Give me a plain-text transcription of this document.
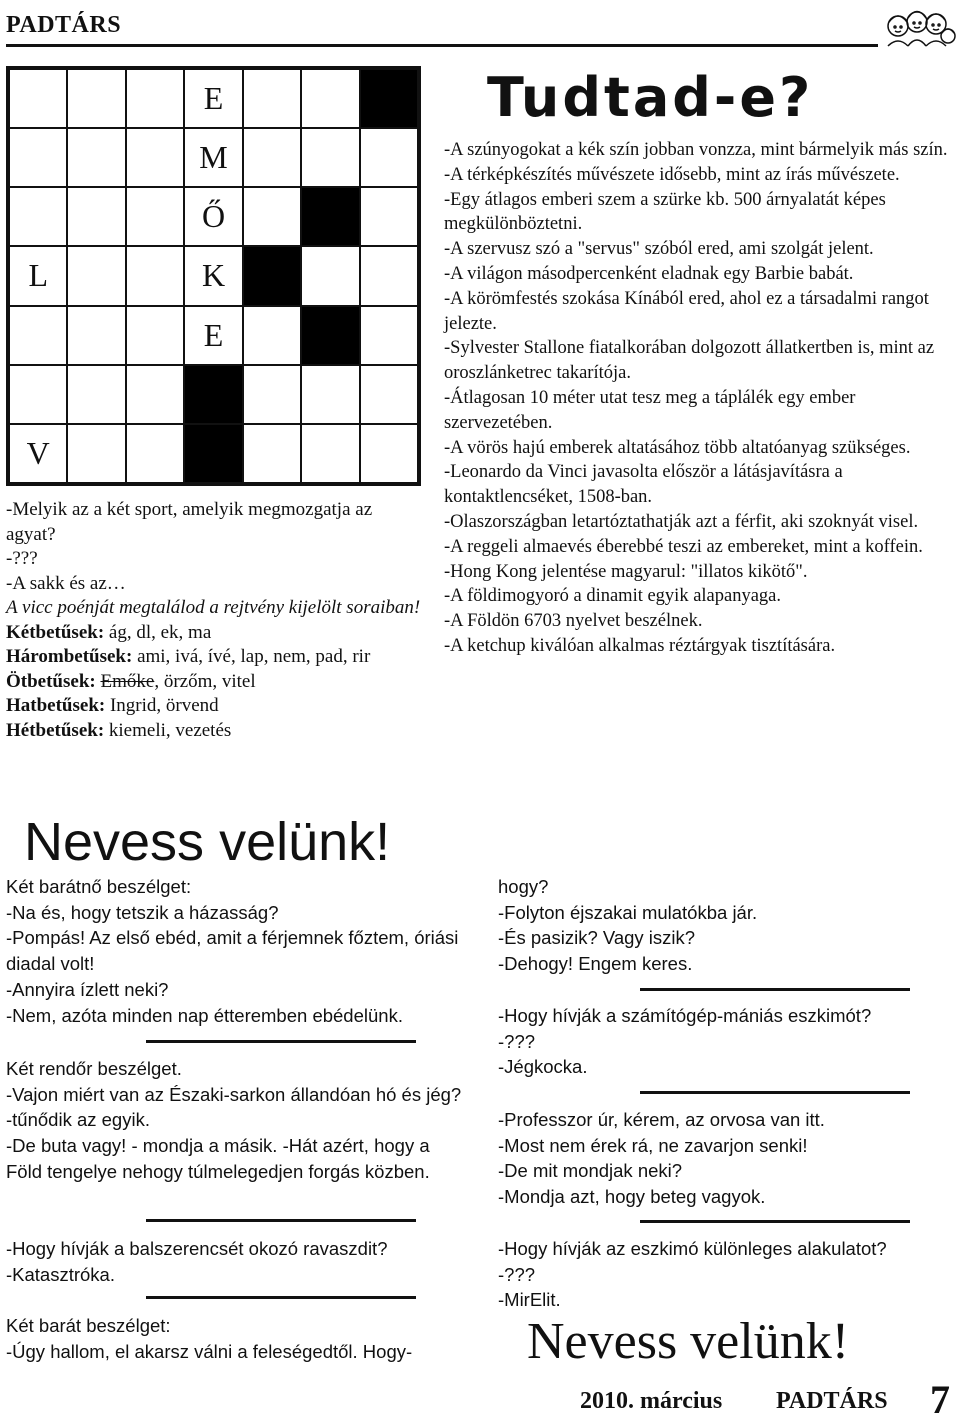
PADTÁRS
E
M
Ő
L	K
E
V

-Melyik az a két sport, amelyik megmozgatja az agyat?

-???

-A sakk és az…

A vicc poénját megtalálod a rejtvény kijelölt soraiban!

Kétbetűsek: ág, dl, ek, ma

Hárombetűsek: ami, ivá, ívé, lap, nem, pad, rir

Ötbetűsek: Emőke, örzőm, vitel

Hatbetűsek: Ingrid, örvend

Hétbetűsek: kiemeli, vezetés

Nevess velünk!

Két barátnő beszélget:

-Na és, hogy tetszik a házasság?

-Pompás! Az első ebéd, amit a férjemnek főztem, óriási diadal volt!

-Annyira ízlett neki?

-Nem, azóta minden nap étteremben ebédelünk.

Két rendőr beszélget.

-Vajon miért van az Északi-sarkon állandóan hó és jég? -tűnődik az egyik.

-De buta vagy! - mondja a másik. -Hát azért, hogy a Föld tengelye nehogy túlmelegedjen forgás közben.

-Hogy hívják a balszerencsét okozó ravaszdit?

-Katasztróka.

Két barát beszélget:

-Úgy hallom, el akarsz válni a feleségedtől. Hogy-

Tudtad-e?

-A szúnyogokat a kék szín jobban vonzza, mint bármelyik más szín.

-A térképkészítés művészete idősebb, mint az írás művészete.

-Egy átlagos emberi szem a szürke kb. 500 árnyalatát képes megkülönböztetni.

-A szervusz szó a "servus" szóból ered, ami szolgát jelent.

-A világon másodpercenként eladnak egy Barbie babát.

-A körömfestés szokása Kínából ered, ahol ez a társadalmi rangot jelezte.

-Sylvester Stallone fiatalkorában dolgozott állatkertben is, mint az oroszlánketrec takarítója.

-Átlagosan 10 méter utat tesz meg a táplálék egy ember szervezetében.

-A vörös hajú emberek altatásához több altatóanyag szükséges.

-Leonardo da Vinci javasolta először a látásjavításra a kontaktlencséket, 1508-ban.

-Olaszországban letartóztathatják azt a férfit, aki szoknyát visel.

-A reggeli almaevés éberebbé teszi az embereket, mint a koffein.

-Hong Kong jelentése magyarul: "illatos kikötő".

-A földimogyoró a dinamit egyik alapanyaga.

-A Földön 6703 nyelvet beszélnek.

-A ketchup kiválóan alkalmas réztárgyak tisztítására.

hogy?

-Folyton éjszakai mulatókba jár.

-És pasizik? Vagy iszik?

-Dehogy! Engem keres.

-Hogy hívják a számítógép-mániás eszkimót?

-???

-Jégkocka.

-Professzor úr, kérem, az orvosa van itt.

-Most nem érek rá, ne zavarjon senki!

-De mit mondjak neki?

-Mondja azt, hogy beteg vagyok.

-Hogy hívják az eszkimó különleges alakulatot?

-???

-MirElit.

Nevess velünk!
2010. március PADTÁRS 7
